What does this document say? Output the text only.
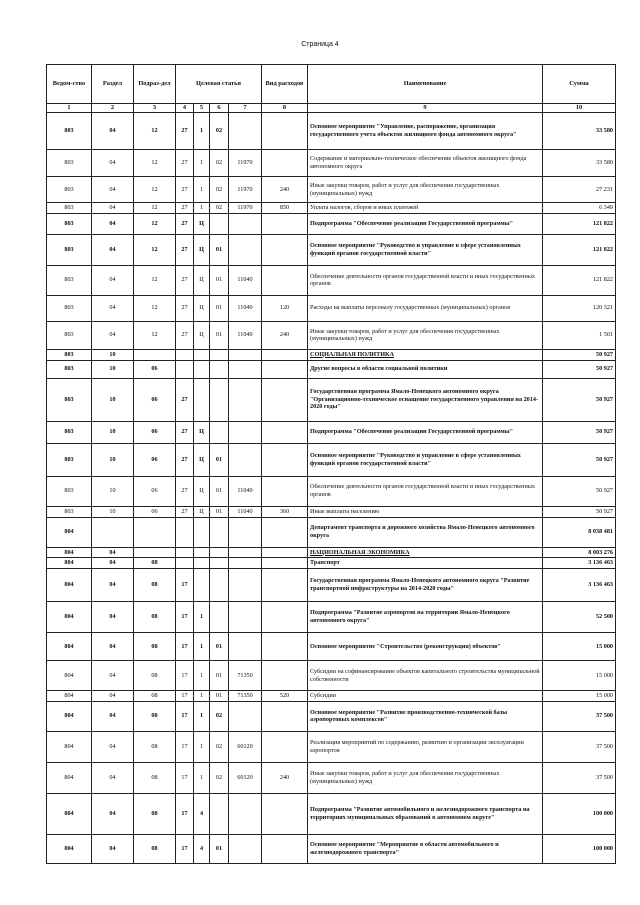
Страница 4
Ведом-ство	Раздел	Подраз-дел	Целевая статья				Вид расходов	Наименование	Сумма
1	2	3	4	5	6	7	8	9	10
803	04	12	27	1	02			Основное мероприятие "Управление, распоряжение, организация государственного учета объектов жилищного фонда автономного округа"	33 580
803	04	12	27	1	02	11970		Содержание и материально-техническое обеспечение объектов жилищного фонда автономного округа	33 580
803	04	12	27	1	02	11970	240	Иные закупки товаров, работ и услуг для обеспечения государственных (муниципальных) нужд	27 231
803	04	12	27	1	02	11970	850	Уплата налогов, сборов и иных платежей	6 349
803	04	12	27	Ц				Подпрограмма "Обеспечение реализации Государственной программы"	121 822
803	04	12	27	Ц	01			Основное мероприятие "Руководство и управление в сфере установленных функций органов государственной власти"	121 822
803	04	12	27	Ц	01	11040		Обеспечение деятельности органов государственной власти и иных государственных органов	121 822
803	04	12	27	Ц	01	11040	120	Расходы на выплаты персоналу государственных (муниципальных) органов	120 321
803	04	12	27	Ц	01	11040	240	Иные закупки товаров, работ и услуг для обеспечения государственных (муниципальных) нужд	1 501
803	10							СОЦИАЛЬНАЯ ПОЛИТИКА	50 927
803	10	06						Другие вопросы в области социальной политики	50 927
803	10	06	27					Государственная программа Ямало-Ненецкого автономного округа "Организационно-техническое оснащение государственного управления на 2014-2020 годы"	50 927
803	10	06	27	Ц				Подпрограмма "Обеспечение реализации Государственной программы"	50 927
803	10	06	27	Ц	01			Основное мероприятие "Руководство и управление в сфере установленных функций органов государственной власти"	50 927
803	10	06	27	Ц	01	11040		Обеспечение деятельности органов государственной власти и иных государственных органов	50 927
803	10	06	27	Ц	01	11040	360	Иные выплаты населению	50 927
804								Департамент транспорта и дорожного хозяйства Ямало-Ненецкого автономного округа	8 038 481
804	04							НАЦИОНАЛЬНАЯ ЭКОНОМИКА	8 003 276
804	04	08						Транспорт	3 136 463
804	04	08	17					Государственная программа Ямало-Ненецкого автономного округа "Развитие транспортной инфраструктуры на 2014-2020 годы"	3 136 463
804	04	08	17	1				Подпрограмма "Развитие аэропортов на территории Ямало-Ненецкого автономного округа"	52 500
804	04	08	17	1	01			Основное мероприятие "Строительство (реконструкция) объектов"	15 000
804	04	08	17	1	01	71350		Субсидии на софинансирование объектов капитального строительства муниципальной собственности	15 000
804	04	08	17	1	01	71350	520	Субсидии	15 000
804	04	08	17	1	02			Основное мероприятие "Развитие производственно-технической базы аэропортовых комплексов"	37 500
804	04	08	17	1	02	60120		Реализация мероприятий по содержанию, развитию и организации эксплуатации аэропортов	37 500
804	04	08	17	1	02	60120	240	Иные закупки товаров, работ и услуг для обеспечения государственных (муниципальных) нужд	37 500
804	04	08	17	4				Подпрограмма "Развитие автомобильного и железнодорожного транспорта на территориях муниципальных образований в автономном округе"	100 000
804	04	08	17	4	01			Основное мероприятие "Мероприятие в области автомобильного и железнодорожного транспорта"	100 000
